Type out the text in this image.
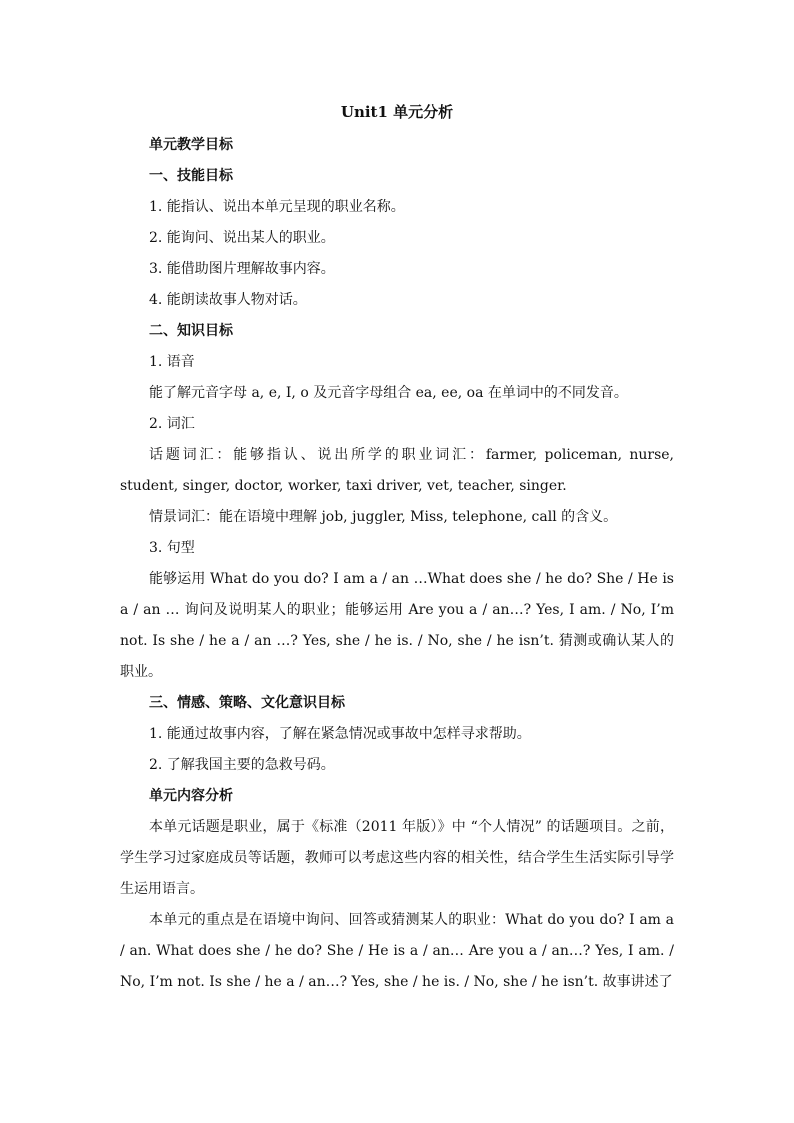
Unit1 单元分析

单元教学目标

一、技能目标

1. 能指认、说出本单元呈现的职业名称。

2. 能询问、说出某人的职业。

3. 能借助图片理解故事内容。

4. 能朗读故事人物对话。

二、知识目标

1. 语音

能了解元音字母 a, e, I, o 及元音字母组合 ea, ee, oa 在单词中的不同发音。

2. 词汇

话题词汇：能够指认、说出所学的职业词汇：farmer, policeman, nurse, student, singer, doctor, worker, taxi driver, vet, teacher, singer.

情景词汇：能在语境中理解 job, juggler, Miss, telephone, call 的含义。

3. 句型

能够运用 What do you do? I am a / an …What does she / he do? She / He is a / an … 询问及说明某人的职业；能够运用 Are you a / an…? Yes, I am. / No, I’m not. Is she / he a / an …? Yes, she / he is. / No, she / he isn’t. 猜测或确认某人的职业。

三、情感、策略、文化意识目标

1. 能通过故事内容，了解在紧急情况或事故中怎样寻求帮助。

2. 了解我国主要的急救号码。

单元内容分析

本单元话题是职业，属于《标准（2011 年版）》中 “个人情况” 的话题项目。之前，学生学习过家庭成员等话题，教师可以考虑这些内容的相关性，结合学生生活实际引导学生运用语言。

本单元的重点是在语境中询问、回答或猜测某人的职业：What do you do? I am a / an. What does she / he do? She / He is a / an… Are you a / an…? Yes, I am. / No, I’m not. Is she / he a / an…? Yes, she / he is. / No, she / he isn’t. 故事讲述了
